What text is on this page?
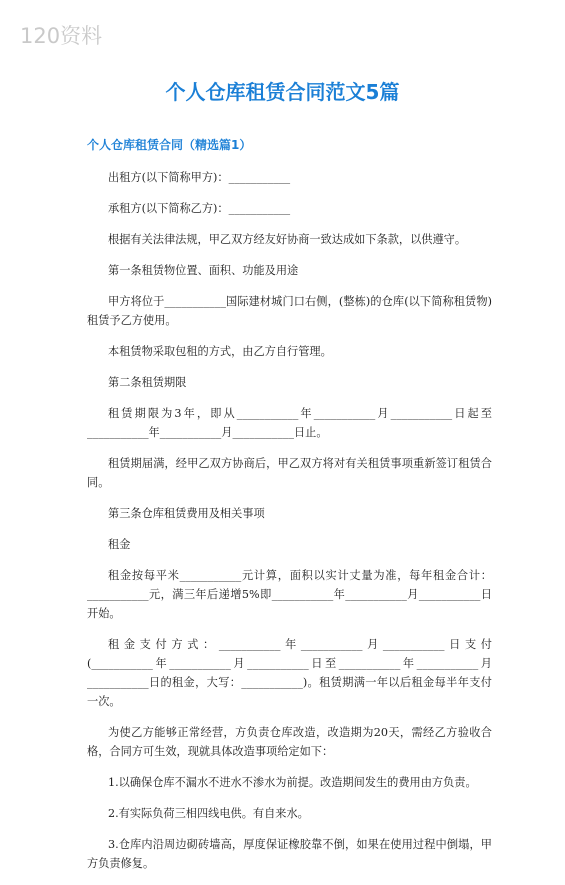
120资料
个人仓库租赁合同范文5篇
个人仓库租赁合同（精选篇1）

出租方(以下简称甲方)：___________

承租方(以下简称乙方)：___________

根据有关法律法规，甲乙双方经友好协商一致达成如下条款，以供遵守。

第一条租赁物位置、面积、功能及用途

甲方将位于___________国际建材城门口右侧，(整栋)的仓库(以下简称租赁物)租赁予乙方使用。

本租赁物采取包租的方式，由乙方自行管理。

第二条租赁期限

租赁期限为3年，即从___________年___________月___________日起至___________年___________月___________日止。

租赁期届满，经甲乙双方协商后，甲乙双方将对有关租赁事项重新签订租赁合同。

第三条仓库租赁费用及相关事项

租金

租金按每平米___________元计算，面积以实计丈量为准，每年租金合计：___________元，满三年后递增5%即___________年___________月___________日开始。

租金支付方式：___________年___________月___________日支付(___________年___________月___________日至___________年___________月___________日的租金，大写：___________)。租赁期满一年以后租金每半年支付一次。

为使乙方能够正常经营，方负责仓库改造，改造期为20天，需经乙方验收合格，合同方可生效，现就具体改造事项给定如下：

1.以确保仓库不漏水不进水不渗水为前提。改造期间发生的费用由方负责。

2.有实际负荷三相四线电供。有自来水。

3.仓库内沿周边砌砖墙高，厚度保证橡胶靠不倒，如果在使用过程中倒塌，甲方负责修复。
